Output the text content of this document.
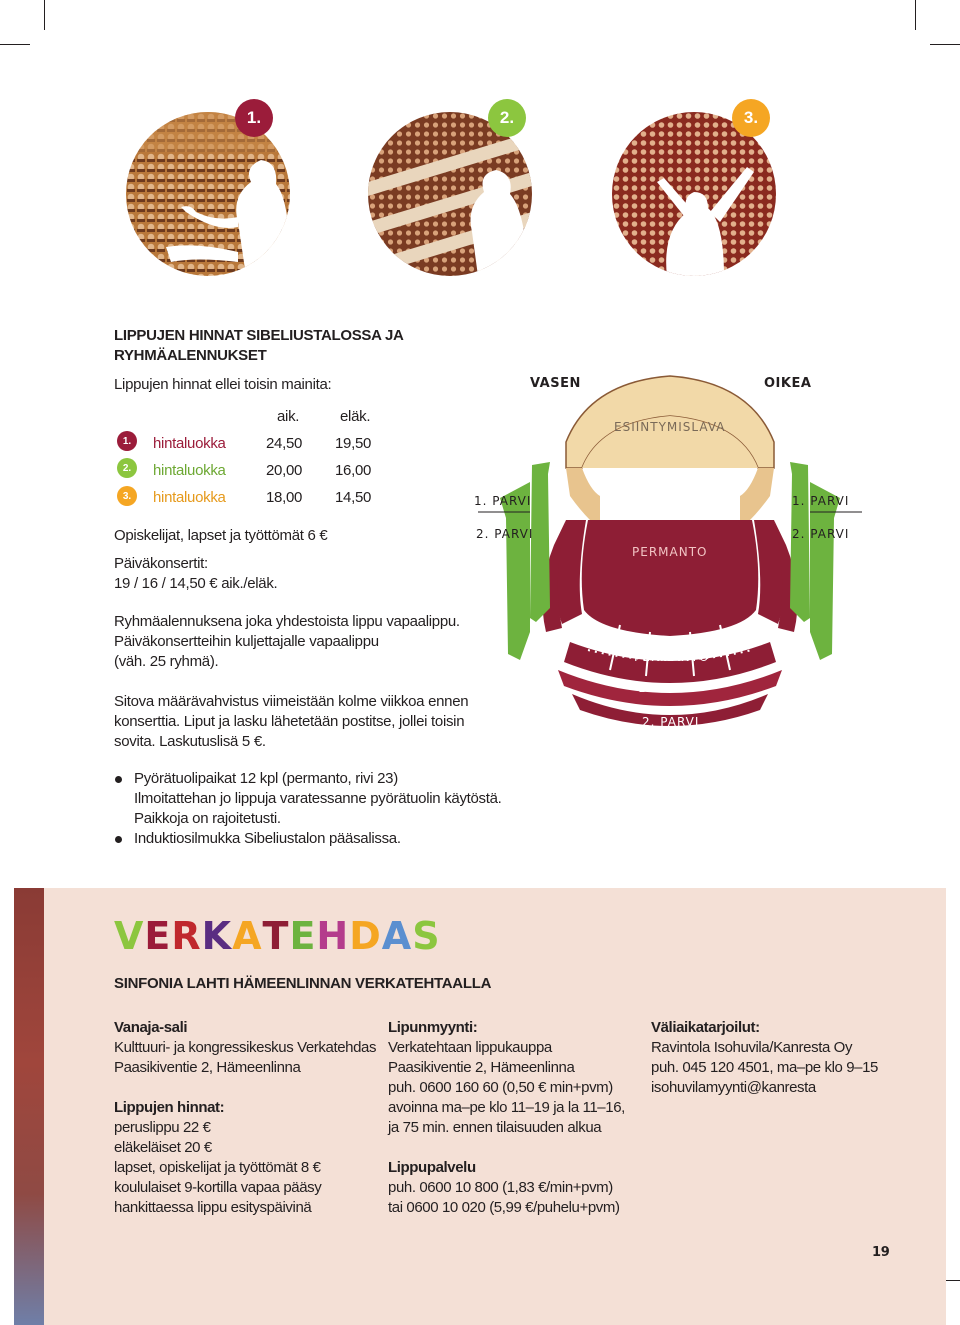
1.	2.	3.
LIPPUJEN HINNAT SIBELIUSTALOSSA JA
RYHMÄALENNUKSET
Lippujen hinnat ellei toisin mainita:
aik.	eläk.
1.	hintaluokka	24,50 19,50
2.	hintaluokka	20,00 16,00
3.	hintaluokka	18,00 14,50
Opiskelijat, lapset ja työttömät 6 €
Päiväkonsertit:
19 / 16 / 14,50 € aik./eläk.
Ryhmäalennuksena joka yhdestoista lippu vapaalippu.
Päiväkonsertteihin kuljettajalle vapaalippu
(väh. 25 ryhmä).
Sitova määrävahvistus viimeistään kolme viikkoa ennen
konserttia. Liput ja lasku lähetetään postitse, jollei toisin
sovita. Laskutuslisä 5 €.
Pyörätuolipaikat 12 kpl (permanto, rivi 23)
Ilmoitattehan jo lippuja varatessanne pyörätuolin käytöstä.
Paikkoja on rajoitetusti.
Induktiosilmukka Sibeliustalon pääsalissa.
VASEN	OIKEA
ESIINTYMISLAVA
1. PARVI	1. PARVI
2. PARVI	2. PARVI
PERMANTO
PERMANTO
1. PARVI
2. PARVI
VERKATEHDAS
SINFONIA LAHTI HÄMEENLINNAN VERKATEHTAALLA
Vanaja-sali
Kulttuuri- ja kongressikeskus Verkatehdas
Paasikiventie 2, Hämeenlinna
Lippujen hinnat:
peruslippu 22 €
eläkeläiset 20 €
lapset, opiskelijat ja työttömät 8 €
koululaiset 9-kortilla vapaa pääsy
hankittaessa lippu esityspäivinä
Lipunmyynti:
Verkatehtaan lippukauppa
Paasikiventie 2, Hämeenlinna
puh. 0600 160 60 (0,50 € min+pvm)
avoinna ma–pe klo 11–19 ja la 11–16,
ja 75 min. ennen tilaisuuden alkua
Lippupalvelu
puh. 0600 10 800 (1,83 €/min+pvm)
tai 0600 10 020 (5,99 €/puhelu+pvm)
Väliaikatarjoilut:
Ravintola Isohuvila/Kanresta Oy
puh. 045 120 4501, ma–pe klo 9–15
isohuvilamyynti@kanresta
19
